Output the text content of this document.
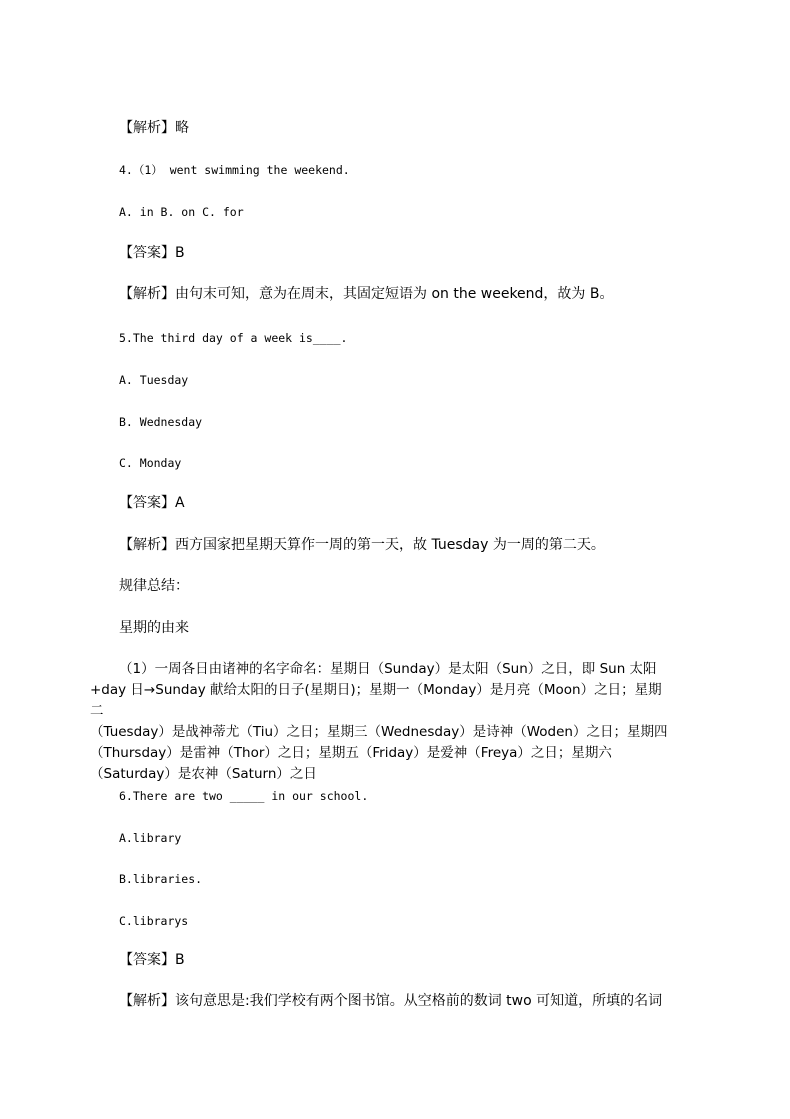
【解析】略
4.（1） went swimming the weekend.
A. in B. on C. for
【答案】B
【解析】由句末可知，意为在周末，其固定短语为 on the weekend，故为 B。
5.The third day of a week is____.
A. Tuesday
B. Wednesday
C. Monday
【答案】A
【解析】西方国家把星期天算作一周的第一天，故 Tuesday 为一周的第二天。
规律总结：
星期的由来

（1）一周各日由诸神的名字命名：星期日（Sunday）是太阳（Sun）之日，即 Sun 太阳

+day 日→Sunday 献给太阳的日子(星期日)；星期一（Monday）是月亮（Moon）之日；星期二

（Tuesday）是战神蒂尤（Tiu）之日；星期三（Wednesday）是诗神（Woden）之日；星期四

（Thursday）是雷神（Thor）之日；星期五（Friday）是爱神（Freya）之日；星期六

（Saturday）是农神（Saturn）之日

6.There are two _____ in our school.
A.library
B.libraries.
C.librarys
【答案】B
【解析】该句意思是:我们学校有两个图书馆。从空格前的数词 two 可知道，所填的名词
